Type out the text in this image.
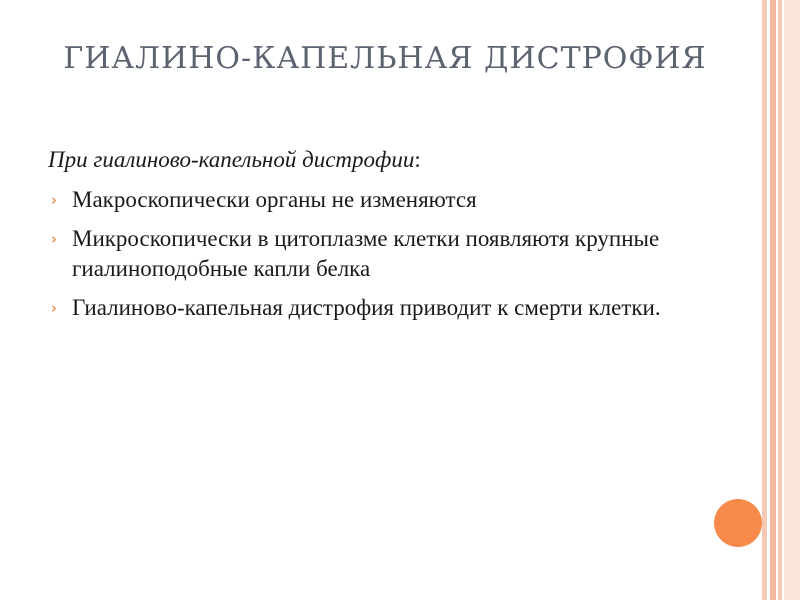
ГИАЛИНО-КАПЕЛЬНАЯ ДИСТРОФИЯ

При гиалиново-капельной дистрофии:

› Макроскопически органы не изменяются
› Микроскопически в цитоплазме клетки появляютя крупные гиалиноподобные капли белка
› Гиалиново-капельная дистрофия приводит к смерти клетки.
